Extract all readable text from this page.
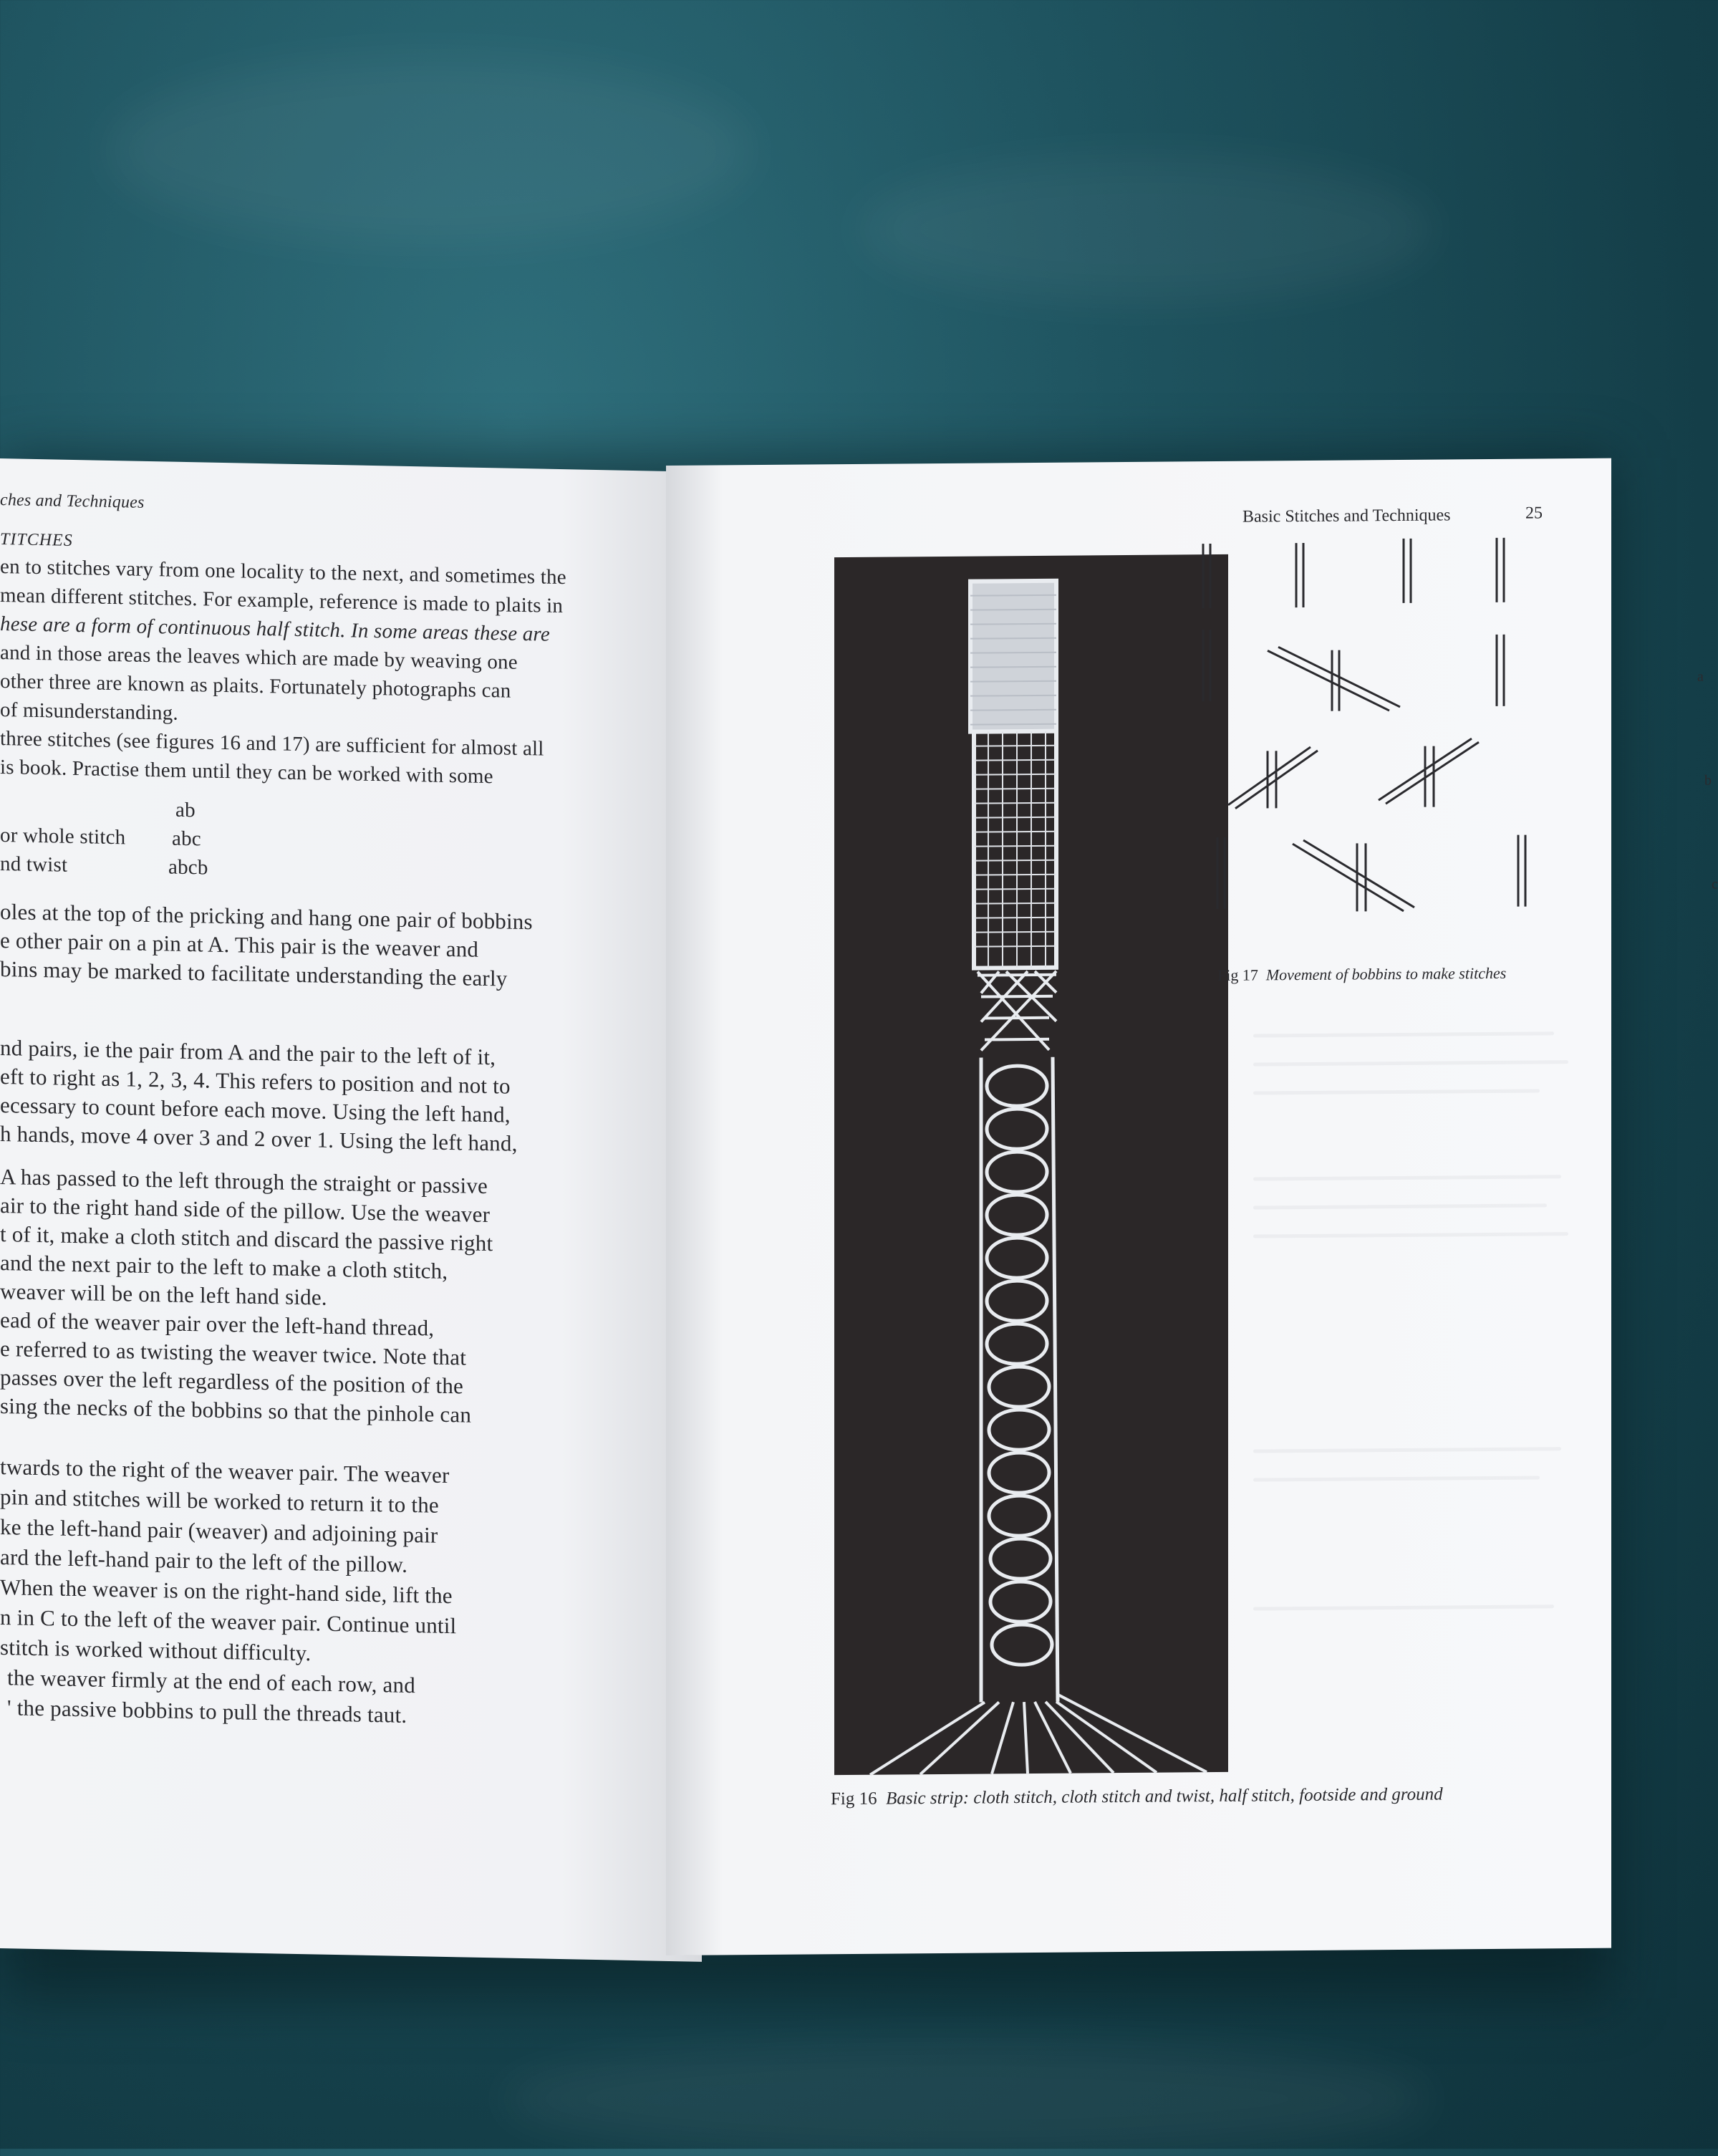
ches and Techniques
TITCHES
en to stitches vary from one locality to the next, and sometimes the
mean different stitches. For example, reference is made to plaits in
hese are a form of continuous half stitch. In some areas these are
and in those areas the leaves which are made by weaving one
other three are known as plaits. Fortunately photographs can
of misunderstanding.
three stitches (see figures 16 and 17) are sufficient for almost all
is book. Practise them until they can be worked with some
ab
or whole stitch abc
nd twist	abcb
oles at the top of the pricking and hang one pair of bobbins
e other pair on a pin at A. This pair is the weaver and
bins may be marked to facilitate understanding the early
nd pairs, ie the pair from A and the pair to the left of it,
eft to right as 1, 2, 3, 4. This refers to position and not to
ecessary to count before each move. Using the left hand,
h hands, move 4 over 3 and 2 over 1. Using the left hand,
A has passed to the left through the straight or passive
air to the right hand side of the pillow. Use the weaver
t of it, make a cloth stitch and discard the passive right
and the next pair to the left to make a cloth stitch,
weaver will be on the left hand side.
ead of the weaver pair over the left-hand thread,
e referred to as twisting the weaver twice. Note that
passes over the left regardless of the position of the
sing the necks of the bobbins so that the pinhole can
twards to the right of the weaver pair. The weaver
pin and stitches will be worked to return it to the
ke the left-hand pair (weaver) and adjoining pair
ard the left-hand pair to the left of the pillow.
When the weaver is on the right-hand side, lift the
n in C to the left of the weaver pair. Continue until
stitch is worked without difficulty.
the weaver firmly at the end of each row, and
' the passive bobbins to pull the threads taut.
Basic Stitches and Techniques	25
a
b
c
Fig 17 Movement of bobbins to make stitches
Fig 16 Basic strip: cloth stitch, cloth stitch and twist, half stitch, footside and ground
